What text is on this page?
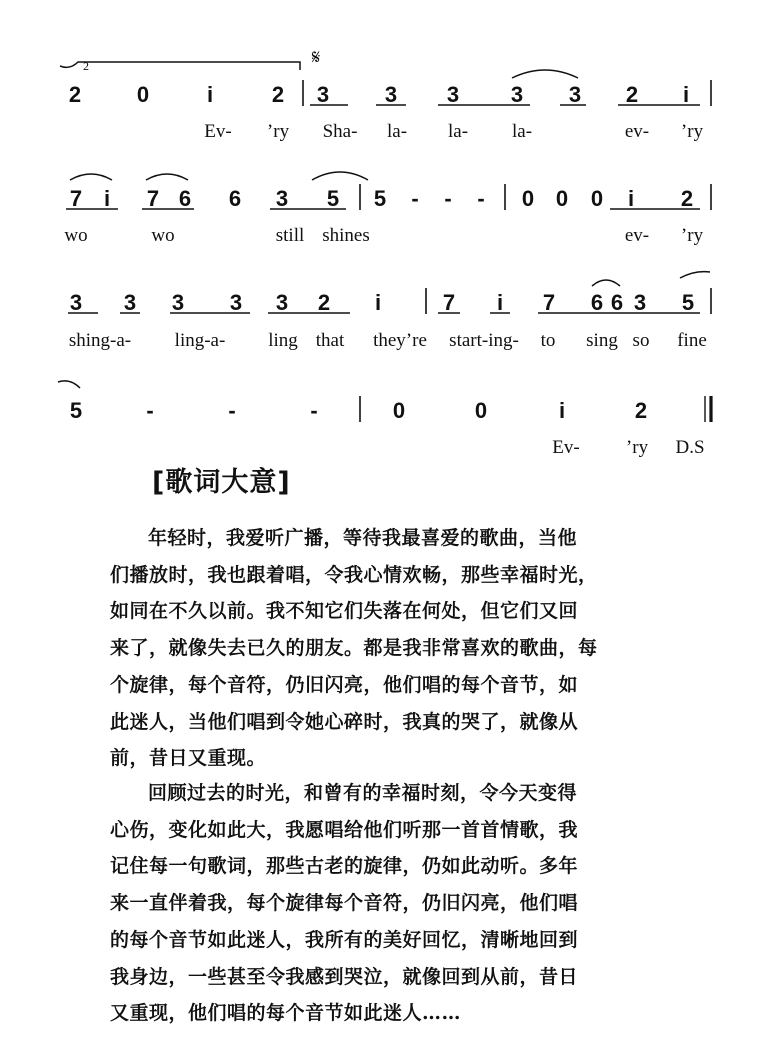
𝄋
2
2	0	i	2 3	3 3 3 3 2 i
Ev- ’ry Sha- la- la- la-	ev- ’ry
7 i 7 6 6 3 5 5 - - - 0 0 0 i 2
wo	wo	still shines	ev- ’ry
3 3 3 3 3 2 i	7 i 7 6 6 3 5
shing-a- ling-a- ling that they’re start-ing- to sing so fine
5	-	-	-	0	0	i	2
Ev- ’ry D.S
[歌词大意]
年轻时，我爱听广播，等待我最喜爱的歌曲，当他
们播放时，我也跟着唱，令我心情欢畅，那些幸福时光，
如同在不久以前。我不知它们失落在何处，但它们又回
来了，就像失去已久的朋友。都是我非常喜欢的歌曲，每
个旋律，每个音符，仍旧闪亮，他们唱的每个音节，如
此迷人，当他们唱到令她心碎时，我真的哭了，就像从
前，昔日又重现。
回顾过去的时光，和曾有的幸福时刻，令今天变得
心伤，变化如此大，我愿唱给他们听那一首首情歌，我
记住每一句歌词，那些古老的旋律，仍如此动听。多年
来一直伴着我，每个旋律每个音符，仍旧闪亮，他们唱
的每个音节如此迷人，我所有的美好回忆，清晰地回到
我身边，一些甚至令我感到哭泣，就像回到从前，昔日
又重现，他们唱的每个音节如此迷人……
